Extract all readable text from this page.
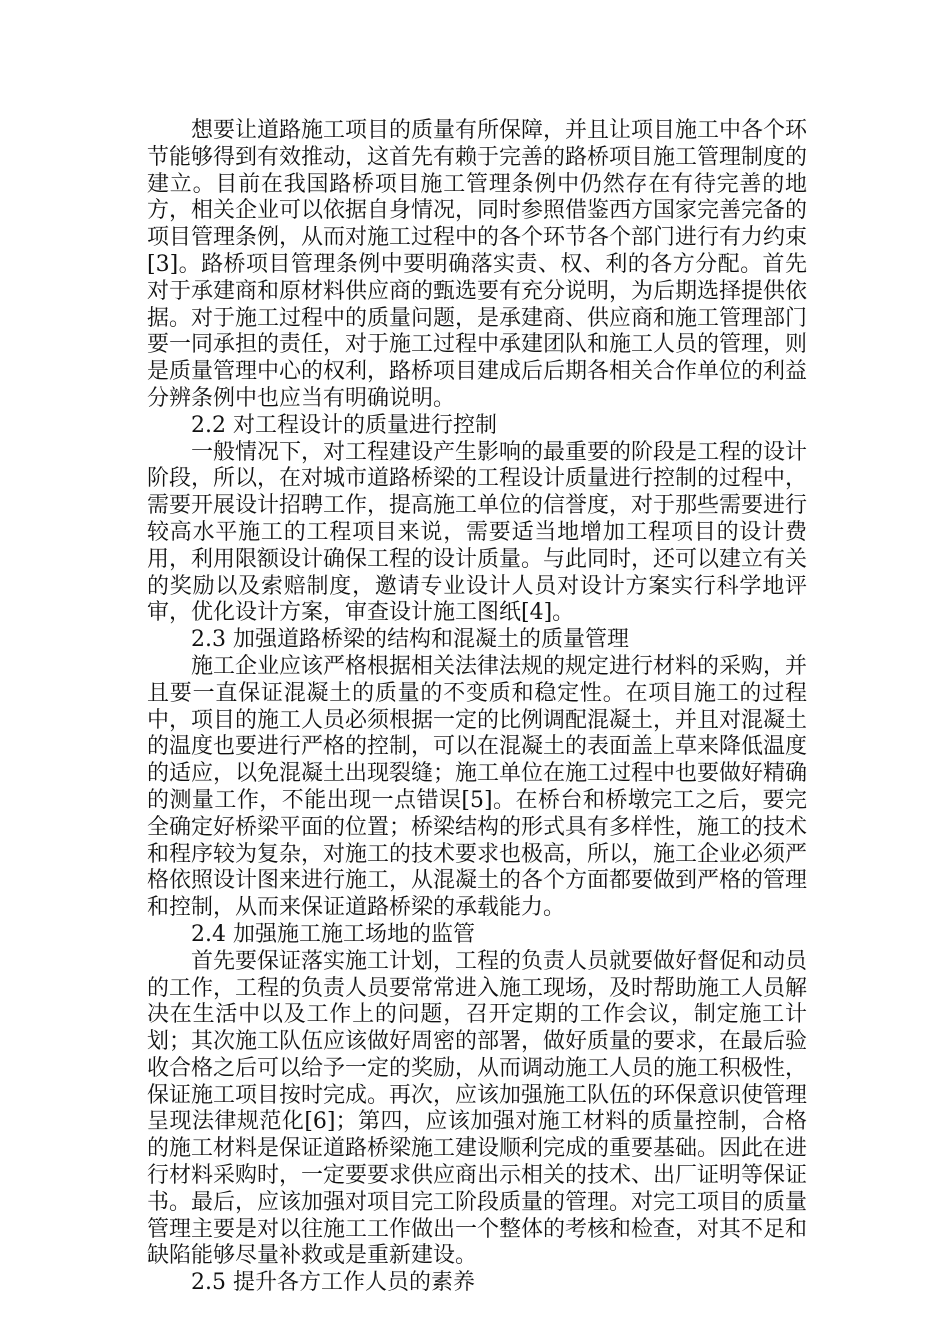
想要让道路施工项目的质量有所保障，并且让项目施工中各个环节能够得到有效推动，这首先有赖于完善的路桥项目施工管理制度的建立。目前在我国路桥项目施工管理条例中仍然存在有待完善的地方，相关企业可以依据自身情况，同时参照借鉴西方国家完善完备的项目管理条例，从而对施工过程中的各个环节各个部门进行有力约束[3]。路桥项目管理条例中要明确落实责、权、利的各方分配。首先对于承建商和原材料供应商的甄选要有充分说明，为后期选择提供依据。对于施工过程中的质量问题，是承建商、供应商和施工管理部门要一同承担的责任，对于施工过程中承建团队和施工人员的管理，则是质量管理中心的权利，路桥项目建成后后期各相关合作单位的利益分辨条例中也应当有明确说明。

2.2 对工程设计的质量进行控制

一般情况下，对工程建设产生影响的最重要的阶段是工程的设计阶段，所以，在对城市道路桥梁的工程设计质量进行控制的过程中，需要开展设计招聘工作，提高施工单位的信誉度，对于那些需要进行较高水平施工的工程项目来说，需要适当地增加工程项目的设计费用，利用限额设计确保工程的设计质量。与此同时，还可以建立有关的奖励以及索赔制度，邀请专业设计人员对设计方案实行科学地评审，优化设计方案，审查设计施工图纸[4]。

2.3 加强道路桥梁的结构和混凝土的质量管理

施工企业应该严格根据相关法律法规的规定进行材料的采购，并且要一直保证混凝土的质量的不变质和稳定性。在项目施工的过程中，项目的施工人员必须根据一定的比例调配混凝土，并且对混凝土的温度也要进行严格的控制，可以在混凝土的表面盖上草来降低温度的适应，以免混凝土出现裂缝；施工单位在施工过程中也要做好精确的测量工作，不能出现一点错误[5]。在桥台和桥墩完工之后，要完全确定好桥梁平面的位置；桥梁结构的形式具有多样性，施工的技术和程序较为复杂，对施工的技术要求也极高，所以，施工企业必须严格依照设计图来进行施工，从混凝土的各个方面都要做到严格的管理和控制，从而来保证道路桥梁的承载能力。

2.4 加强施工施工场地的监管

首先要保证落实施工计划，工程的负责人员就要做好督促和动员的工作，工程的负责人员要常常进入施工现场，及时帮助施工人员解决在生活中以及工作上的问题，召开定期的工作会议，制定施工计划；其次施工队伍应该做好周密的部署，做好质量的要求，在最后验收合格之后可以给予一定的奖励，从而调动施工人员的施工积极性，保证施工项目按时完成。再次，应该加强施工队伍的环保意识使管理呈现法律规范化[6]；第四，应该加强对施工材料的质量控制，合格的施工材料是保证道路桥梁施工建设顺利完成的重要基础。因此在进行材料采购时，一定要要求供应商出示相关的技术、出厂证明等保证书。最后，应该加强对项目完工阶段质量的管理。对完工项目的质量管理主要是对以往施工工作做出一个整体的考核和检查，对其不足和缺陷能够尽量补救或是重新建设。

2.5 提升各方工作人员的素养
